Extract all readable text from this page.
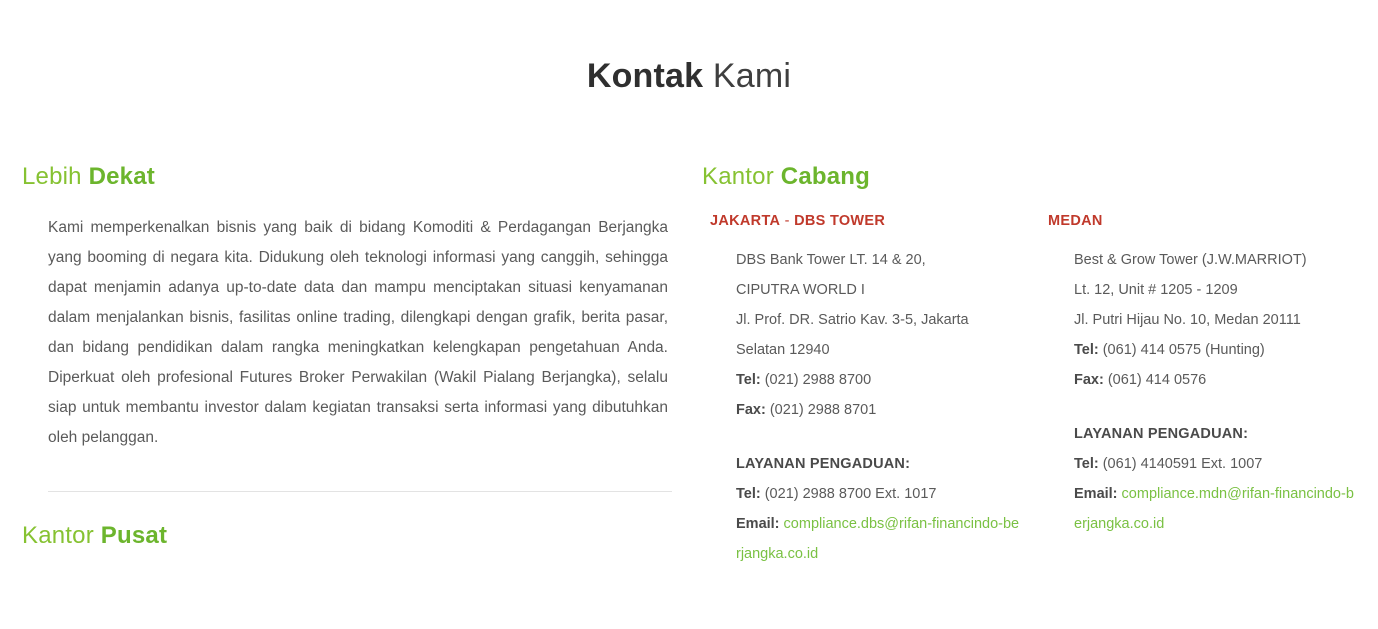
Kontak Kami
Lebih Dekat

Kami memperkenalkan bisnis yang baik di bidang Komoditi & Perdagangan Berjangka yang booming di negara kita. Didukung oleh teknologi informasi yang canggih, sehingga dapat menjamin adanya up-to-date data dan mampu menciptakan situasi kenyamanan dalam menjalankan bisnis, fasilitas online trading, dilengkapi dengan grafik, berita pasar, dan bidang pendidikan dalam rangka meningkatkan kelengkapan pengetahuan Anda. Diperkuat oleh profesional Futures Broker Perwakilan (Wakil Pialang Berjangka), selalu siap untuk membantu investor dalam kegiatan transaksi serta informasi yang dibutuhkan oleh pelanggan.

Kantor Pusat
Kantor Cabang
JAKARTA - DBS TOWER
DBS Bank Tower LT. 14 & 20,
CIPUTRA WORLD I
Jl. Prof. DR. Satrio Kav. 3-5, Jakarta
Selatan 12940
Tel: (021) 2988 8700
Fax: (021) 2988 8701
LAYANAN PENGADUAN:
Tel: (021) 2988 8700 Ext. 1017
Email: compliance.dbs@rifan-financindo-berjangka.co.id
MEDAN
Best & Grow Tower (J.W.MARRIOT)
Lt. 12, Unit # 1205 - 1209
Jl. Putri Hijau No. 10, Medan 20111
Tel: (061) 414 0575 (Hunting)
Fax: (061) 414 0576
LAYANAN PENGADUAN:
Tel: (061) 4140591 Ext. 1007
Email: compliance.mdn@rifan-financindo-berjangka.co.id
